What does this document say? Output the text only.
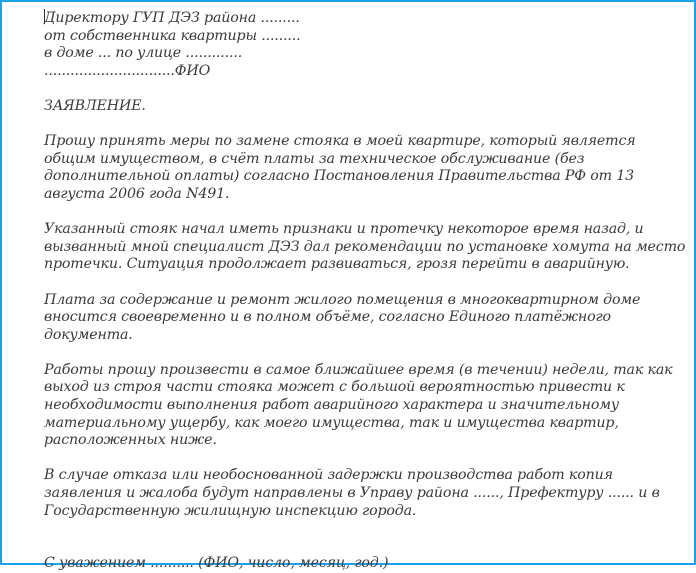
Директору ГУП ДЭЗ района .........

от собственника квартиры .........

в доме ... по улице .............

..............................ФИО

ЗАЯВЛЕНИЕ.

Прошу принять меры по замене стояка в моей квартире, который является

общим имуществом, в счёт платы за техническое обслуживание (без

дополнительной оплаты) согласно Постановления Правительства РФ от 13

августа 2006 года N491.

Указанный стояк начал иметь признаки и протечку некоторое время назад, и

вызванный мной специалист ДЭЗ дал рекомендации по установке хомута на место

протечки. Ситуация продолжает развиваться, грозя перейти в аварийную.

Плата за содержание и ремонт жилого помещения в многоквартирном доме

вносится своевременно и в полном объёме, согласно Единого платёжного

документа.

Работы прошу произвести в самое ближайшее время (в течении) недели, так как

выход из строя части стояка может с большой вероятностью привести к

необходимости выполнения работ аварийного характера и значительному

материальному ущербу, как моего имущества, так и имущества квартир,

расположенных ниже.

В случае отказа или необоснованной задержки производства работ копия

заявления и жалоба будут направлены в Управу района ......, Префектуру ...... и в

Государственную жилищную инспекцию города.

С уважением .......... (ФИО, число, месяц, год.)
